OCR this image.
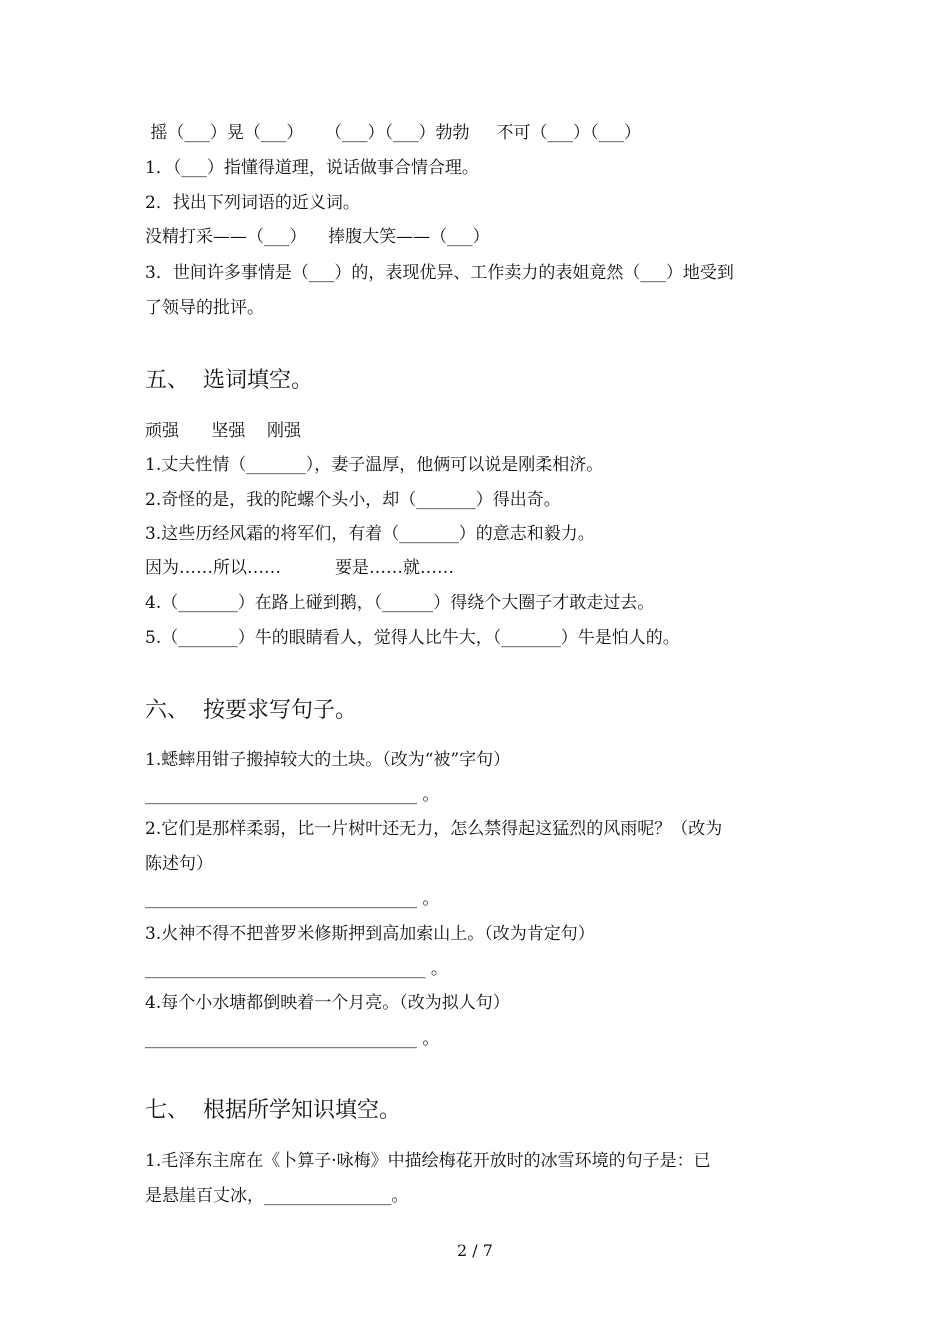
摇（___）晃（___）    （___）（___）勃勃     不可（___）（___）
1．（___）指懂得道理，说话做事合情合理。
2．找出下列词语的近义词。
没精打采——（___）    捧腹大笑——（___）
3．世间许多事情是（___）的，表现优异、工作卖力的表姐竟然（___）地受到
了领导的批评。
五、  选词填空。
顽强      坚强    刚强
1.丈夫性情（_______），妻子温厚，他俩可以说是刚柔相济。
2.奇怪的是，我的陀螺个头小，却（_______）得出奇。
3.这些历经风霜的将军们，有着（_______）的意志和毅力。
因为……所以……          要是……就……
4.（_______）在路上碰到鹅，（______）得绕个大圈子才敢走过去。
5.（_______）牛的眼睛看人，觉得人比牛大，（_______）牛是怕人的。
六、  按要求写句子。
1.蟋蟀用钳子搬掉较大的土块。（改为“被”字句）
________________________________ 。
2.它们是那样柔弱，比一片树叶还无力，怎么禁得起这猛烈的风雨呢？（改为
陈述句）
________________________________ 。
3.火神不得不把普罗米修斯押到高加索山上。（改为肯定句）
_________________________________ 。
4.每个小水塘都倒映着一个月亮。（改为拟人句）
________________________________ 。
七、  根据所学知识填空。
1.毛泽东主席在《卜算子·咏梅》中描绘梅花开放时的冰雪环境的句子是：已
是悬崖百丈冰，_______________。
2 / 7
